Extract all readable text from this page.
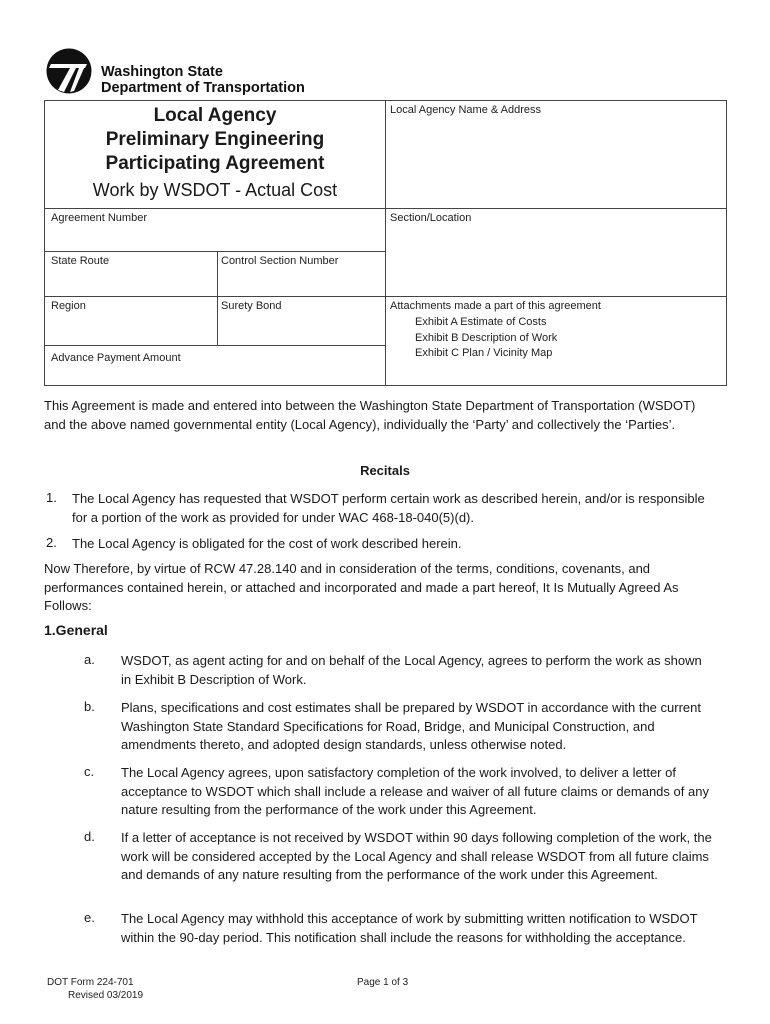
Washington State
Department of Transportation
Local Agency
Preliminary Engineering
Participating Agreement
Work by WSDOT - Actual Cost
Local Agency Name & Address
Agreement Number	Section/Location
State Route	Control Section Number
Region	Surety Bond	Attachments made a part of this agreement
Exhibit A Estimate of Costs
Exhibit B Description of Work
Exhibit C Plan / Vicinity Map
Advance Payment Amount
This Agreement is made and entered into between the Washington State Department of Transportation (WSDOT) and the above named governmental entity (Local Agency), individually the ‘Party’ and collectively the ‘Parties’.
Recitals
1. The Local Agency has requested that WSDOT perform certain work as described herein, and/or is responsible for a portion of the work as provided for under WAC 468-18-040(5)(d).
2. The Local Agency is obligated for the cost of work described herein.
Now Therefore, by virtue of RCW 47.28.140 and in consideration of the terms, conditions, covenants, and performances contained herein, or attached and incorporated and made a part hereof, It Is Mutually Agreed As Follows:
1.General
a. WSDOT, as agent acting for and on behalf of the Local Agency, agrees to perform the work as shown in Exhibit B Description of Work.
b. Plans, specifications and cost estimates shall be prepared by WSDOT in accordance with the current Washington State Standard Specifications for Road, Bridge, and Municipal Construction, and amendments thereto, and adopted design standards, unless otherwise noted.
c. The Local Agency agrees, upon satisfactory completion of the work involved, to deliver a letter of acceptance to WSDOT which shall include a release and waiver of all future claims or demands of any nature resulting from the performance of the work under this Agreement.
d. If a letter of acceptance is not received by WSDOT within 90 days following completion of the work, the work will be considered accepted by the Local Agency and shall release WSDOT from all future claims and demands of any nature resulting from the performance of the work under this Agreement.
e. The Local Agency may withhold this acceptance of work by submitting written notification to WSDOT within the 90-day period. This notification shall include the reasons for withholding the acceptance.
DOT Form 224-701
Revised 03/2019
Page 1 of 3
